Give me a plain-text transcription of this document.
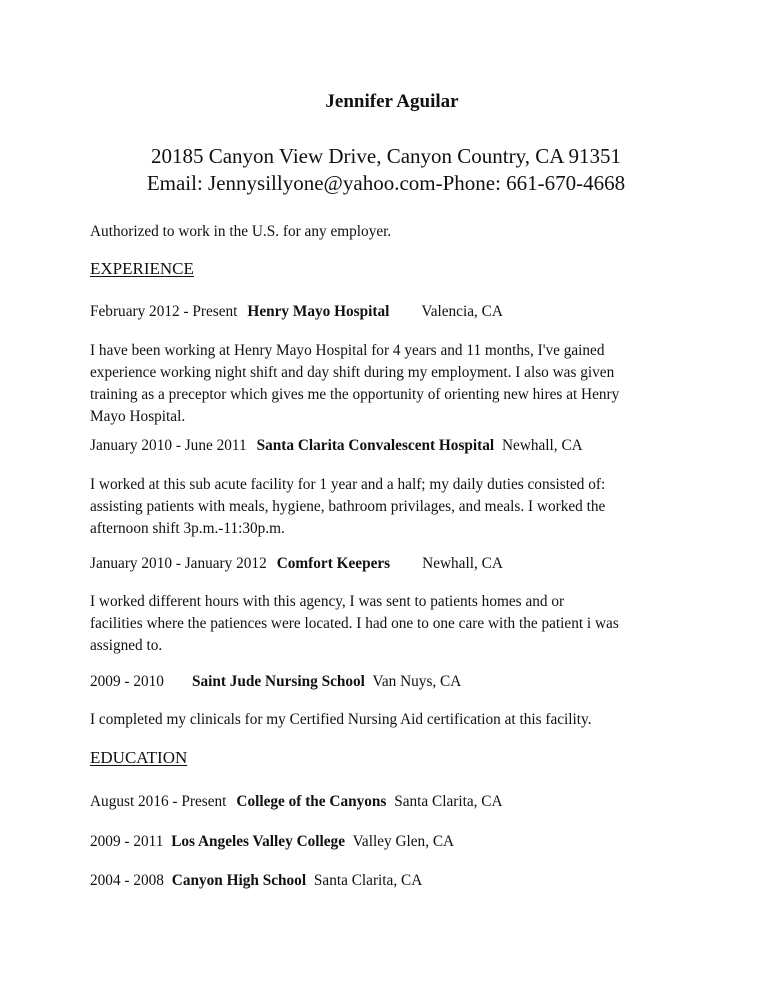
Jennifer Aguilar
20185 Canyon View Drive, Canyon Country, CA 91351
Email: Jennysillyone@yahoo.com-Phone: 661-670-4668
Authorized to work in the U.S. for any employer.
EXPERIENCE
February 2012 - Present Henry Mayo Hospital Valencia, CA
I have been working at Henry Mayo Hospital for 4 years and 11 months, I've gained
experience working night shift and day shift during my employment. I also was given
training as a preceptor which gives me the opportunity of orienting new hires at Henry
Mayo Hospital.
January 2010 - June 2011 Santa Clarita Convalescent Hospital Newhall, CA
I worked at this sub acute facility for 1 year and a half; my daily duties consisted of:
assisting patients with meals, hygiene, bathroom privilages, and meals. I worked the
afternoon shift 3p.m.-11:30p.m.
January 2010 - January 2012 Comfort Keepers Newhall, CA
I worked different hours with this agency, I was sent to patients homes and or
facilities where the patiences were located. I had one to one care with the patient i was
assigned to.
2009 - 2010 Saint Jude Nursing School Van Nuys, CA
I completed my clinicals for my Certified Nursing Aid certification at this facility.
EDUCATION
August 2016 - Present College of the Canyons Santa Clarita, CA
2009 - 2011 Los Angeles Valley College Valley Glen, CA
2004 - 2008 Canyon High School Santa Clarita, CA
